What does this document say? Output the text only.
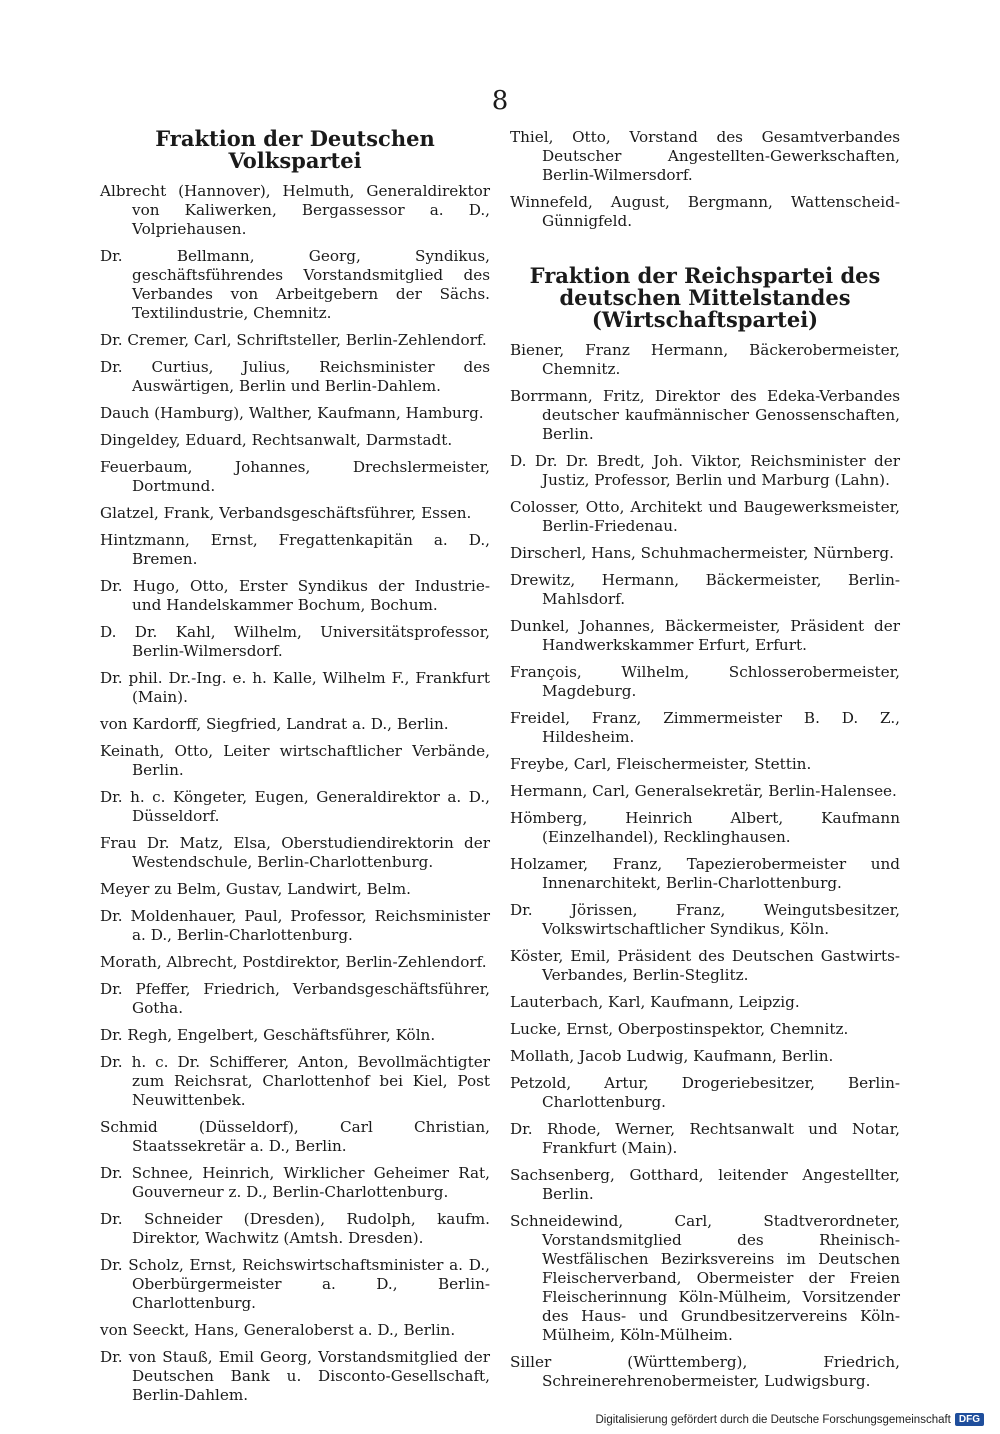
8
Fraktion der Deutschen Volkspartei

Albrecht (Hannover), Helmuth, Generaldirektor von Kaliwerken, Bergassessor a. D., Volpriehausen.

Dr. Bellmann, Georg, Syndikus, geschäftsführendes Vorstandsmitglied des Verbandes von Arbeitgebern der Sächs. Textilindustrie, Chemnitz.

Dr. Cremer, Carl, Schriftsteller, Berlin-Zehlendorf.

Dr. Curtius, Julius, Reichsminister des Auswärtigen, Berlin und Berlin-Dahlem.

Dauch (Hamburg), Walther, Kaufmann, Hamburg.

Dingeldey, Eduard, Rechtsanwalt, Darmstadt.

Feuerbaum, Johannes, Drechslermeister, Dortmund.

Glatzel, Frank, Verbandsgeschäftsführer, Essen.

Hintzmann, Ernst, Fregattenkapitän a. D., Bremen.

Dr. Hugo, Otto, Erster Syndikus der Industrie- und Handelskammer Bochum, Bochum.

D. Dr. Kahl, Wilhelm, Universitätsprofessor, Berlin-Wilmersdorf.

Dr. phil. Dr.-Ing. e. h. Kalle, Wilhelm F., Frankfurt (Main).

von Kardorff, Siegfried, Landrat a. D., Berlin.

Keinath, Otto, Leiter wirtschaftlicher Verbände, Berlin.

Dr. h. c. Köngeter, Eugen, Generaldirektor a. D., Düsseldorf.

Frau Dr. Matz, Elsa, Oberstudiendirektorin der Westendschule, Berlin-Charlottenburg.

Meyer zu Belm, Gustav, Landwirt, Belm.

Dr. Moldenhauer, Paul, Professor, Reichsminister a. D., Berlin-Charlottenburg.

Morath, Albrecht, Postdirektor, Berlin-Zehlendorf.

Dr. Pfeffer, Friedrich, Verbandsgeschäftsführer, Gotha.

Dr. Regh, Engelbert, Geschäftsführer, Köln.

Dr. h. c. Dr. Schifferer, Anton, Bevollmächtigter zum Reichsrat, Charlottenhof bei Kiel, Post Neuwittenbek.

Schmid (Düsseldorf), Carl Christian, Staatssekretär a. D., Berlin.

Dr. Schnee, Heinrich, Wirklicher Geheimer Rat, Gouverneur z. D., Berlin-Charlottenburg.

Dr. Schneider (Dresden), Rudolph, kaufm. Direktor, Wachwitz (Amtsh. Dresden).

Dr. Scholz, Ernst, Reichswirtschaftsminister a. D., Oberbürgermeister a. D., Berlin-Charlottenburg.

von Seeckt, Hans, Generaloberst a. D., Berlin.

Dr. von Stauß, Emil Georg, Vorstandsmitglied der Deutschen Bank u. Disconto-Gesellschaft, Berlin-Dahlem.

Thiel, Otto, Vorstand des Gesamtverbandes Deutscher Angestellten-Gewerkschaften, Berlin-Wilmersdorf.

Winnefeld, August, Bergmann, Wattenscheid-Günnigfeld.

Fraktion der Reichspartei des deutschen Mittelstandes (Wirtschaftspartei)

Biener, Franz Hermann, Bäckerobermeister, Chemnitz.

Borrmann, Fritz, Direktor des Edeka-Verbandes deutscher kaufmännischer Genossenschaften, Berlin.

D. Dr. Dr. Bredt, Joh. Viktor, Reichsminister der Justiz, Professor, Berlin und Marburg (Lahn).

Colosser, Otto, Architekt und Baugewerksmeister, Berlin-Friedenau.

Dirscherl, Hans, Schuhmachermeister, Nürnberg.

Drewitz, Hermann, Bäckermeister, Berlin-Mahlsdorf.

Dunkel, Johannes, Bäckermeister, Präsident der Handwerkskammer Erfurt, Erfurt.

François, Wilhelm, Schlosserobermeister, Magdeburg.

Freidel, Franz, Zimmermeister B. D. Z., Hildesheim.

Freybe, Carl, Fleischermeister, Stettin.

Hermann, Carl, Generalsekretär, Berlin-Halensee.

Hömberg, Heinrich Albert, Kaufmann (Einzelhandel), Recklinghausen.

Holzamer, Franz, Tapezierobermeister und Innenarchitekt, Berlin-Charlottenburg.

Dr. Jörissen, Franz, Weingutsbesitzer, Volkswirtschaftlicher Syndikus, Köln.

Köster, Emil, Präsident des Deutschen Gastwirts-Verbandes, Berlin-Steglitz.

Lauterbach, Karl, Kaufmann, Leipzig.

Lucke, Ernst, Oberpostinspektor, Chemnitz.

Mollath, Jacob Ludwig, Kaufmann, Berlin.

Petzold, Artur, Drogeriebesitzer, Berlin-Charlottenburg.

Dr. Rhode, Werner, Rechtsanwalt und Notar, Frankfurt (Main).

Sachsenberg, Gotthard, leitender Angestellter, Berlin.

Schneidewind, Carl, Stadtverordneter, Vorstandsmitglied des Rheinisch-Westfälischen Bezirksvereins im Deutschen Fleischerverband, Obermeister der Freien Fleischerinnung Köln-Mülheim, Vorsitzender des Haus- und Grundbesitzervereins Köln-Mülheim, Köln-Mülheim.

Siller (Württemberg), Friedrich, Schreinerehrenobermeister, Ludwigsburg.

Digitalisierung gefördert durch die Deutsche Forschungsgemeinschaft DFG
